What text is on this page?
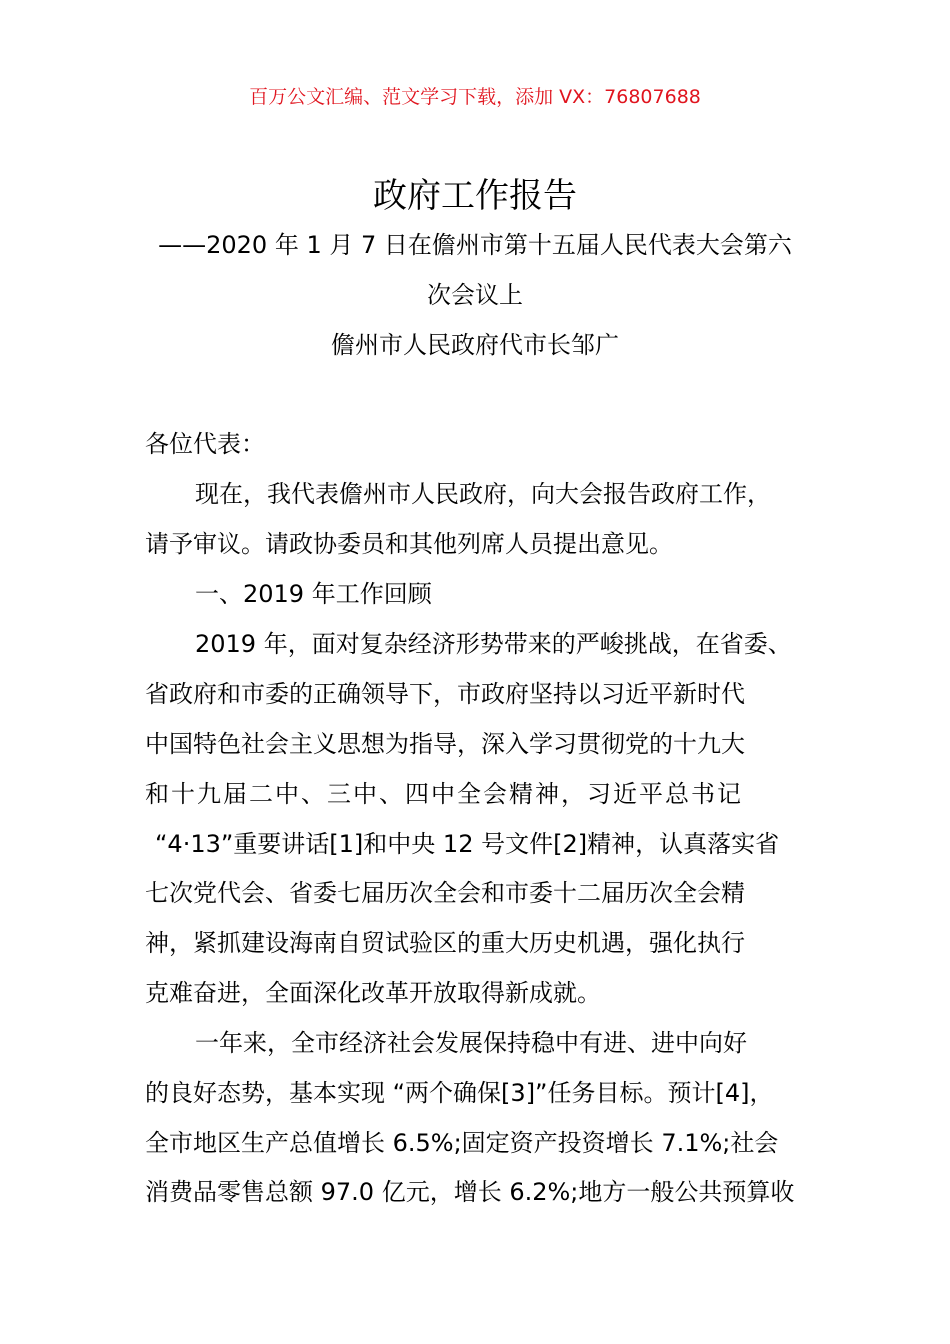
百万公文汇编、范文学习下载，添加 VX：76807688
政府工作报告
——2020 年 1 月 7 日在儋州市第十五届人民代表大会第六
次会议上
儋州市人民政府代市长邹广
各位代表：
现在，我代表儋州市人民政府，向大会报告政府工作，
请予审议。请政协委员和其他列席人员提出意见。
一、2019 年工作回顾
2019 年，面对复杂经济形势带来的严峻挑战，在省委、
省政府和市委的正确领导下，市政府坚持以习近平新时代
中国特色社会主义思想为指导，深入学习贯彻党的十九大
和十九届二中、三中、四中全会精神，习近平总书记
“4·13”重要讲话[1]和中央 12 号文件[2]精神，认真落实省
七次党代会、省委七届历次全会和市委十二届历次全会精
神，紧抓建设海南自贸试验区的重大历史机遇，强化执行
克难奋进，全面深化改革开放取得新成就。
一年来，全市经济社会发展保持稳中有进、进中向好
的良好态势，基本实现 “两个确保[3]”任务目标。预计[4]，
全市地区生产总值增长 6.5%;固定资产投资增长 7.1%;社会
消费品零售总额 97.0 亿元，增长 6.2%;地方一般公共预算收
